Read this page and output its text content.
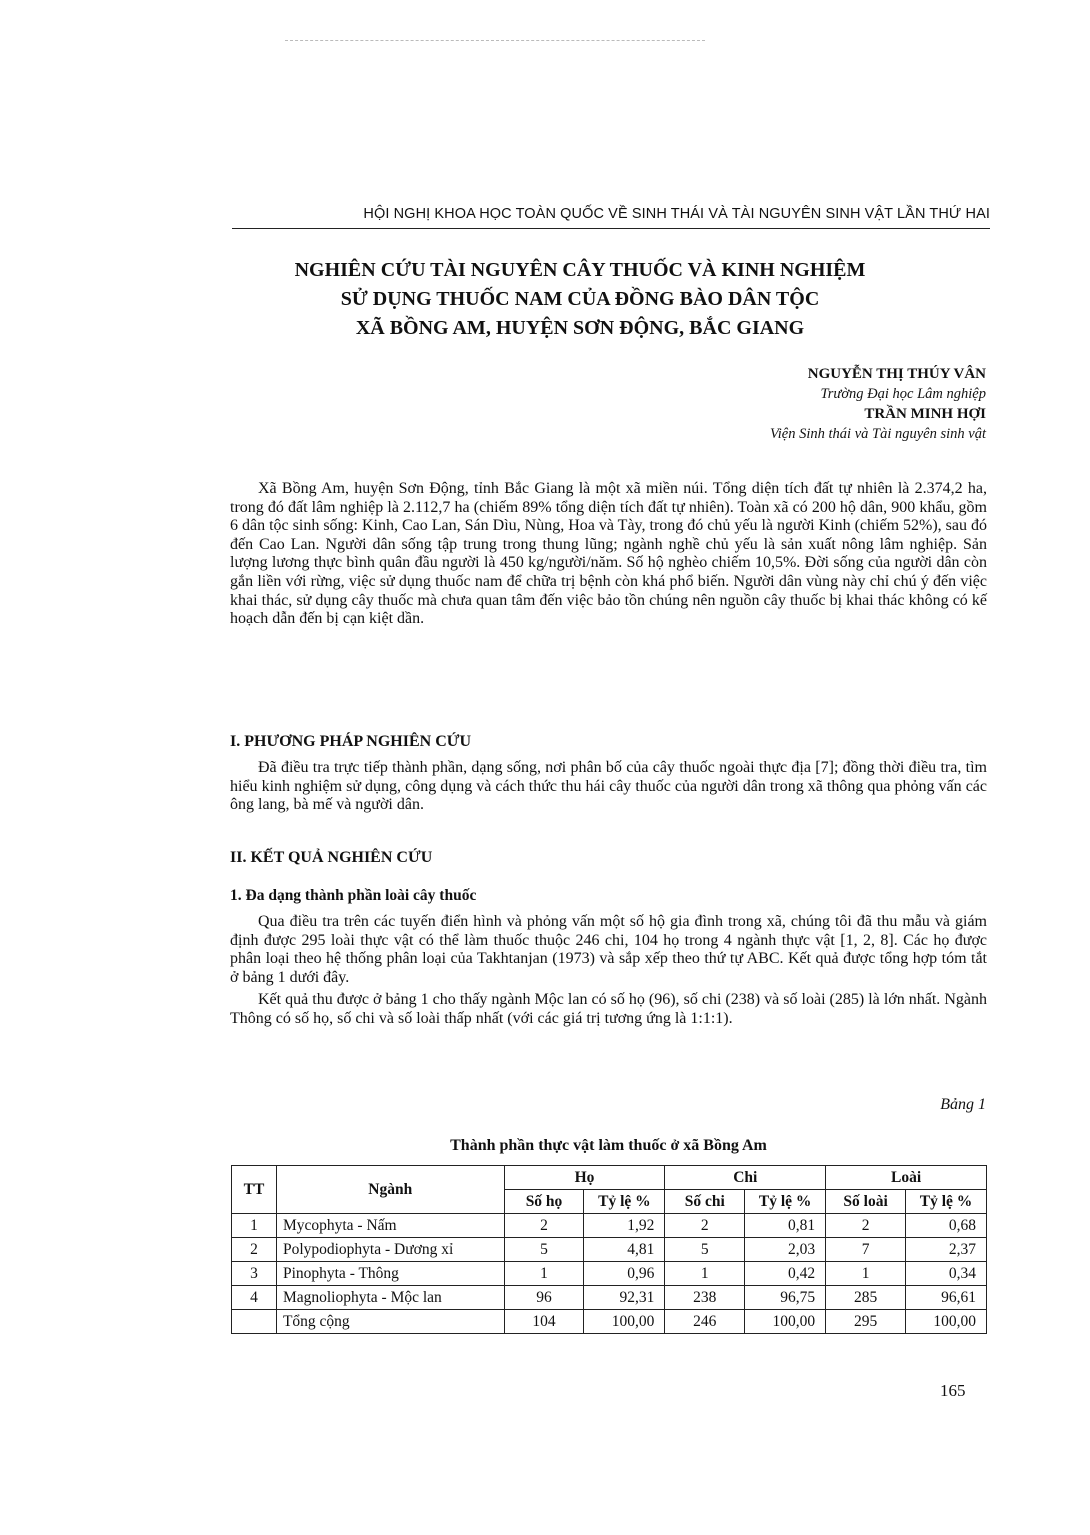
HỘI NGHỊ KHOA HỌC TOÀN QUỐC VỀ SINH THÁI VÀ TÀI NGUYÊN SINH VẬT LẦN THỨ HAI
NGHIÊN CỨU TÀI NGUYÊN CÂY THUỐC VÀ KINH NGHIỆM
SỬ DỤNG THUỐC NAM CỦA ĐỒNG BÀO DÂN TỘC
XÃ BỒNG AM, HUYỆN SƠN ĐỘNG, BẮC GIANG
NGUYỄN THỊ THÚY VÂN
Trường Đại học Lâm nghiệp
TRẦN MINH HỢI
Viện Sinh thái và Tài nguyên sinh vật
Xã Bồng Am, huyện Sơn Động, tỉnh Bắc Giang là một xã miền núi. Tổng diện tích đất tự nhiên là 2.374,2 ha, trong đó đất lâm nghiệp là 2.112,7 ha (chiếm 89% tổng diện tích đất tự nhiên). Toàn xã có 200 hộ dân, 900 khẩu, gồm 6 dân tộc sinh sống: Kinh, Cao Lan, Sán Dìu, Nùng, Hoa và Tày, trong đó chủ yếu là người Kinh (chiếm 52%), sau đó đến Cao Lan. Người dân sống tập trung trong thung lũng; ngành nghề chủ yếu là sản xuất nông lâm nghiệp. Sản lượng lương thực bình quân đầu người là 450 kg/người/năm. Số hộ nghèo chiếm 10,5%. Đời sống của người dân còn gắn liền với rừng, việc sử dụng thuốc nam để chữa trị bệnh còn khá phổ biến. Người dân vùng này chỉ chú ý đến việc khai thác, sử dụng cây thuốc mà chưa quan tâm đến việc bảo tồn chúng nên nguồn cây thuốc bị khai thác không có kế hoạch dẫn đến bị cạn kiệt dần.
I. PHƯƠNG PHÁP NGHIÊN CỨU
Đã điều tra trực tiếp thành phần, dạng sống, nơi phân bố của cây thuốc ngoài thực địa [7]; đồng thời điều tra, tìm hiểu kinh nghiệm sử dụng, công dụng và cách thức thu hái cây thuốc của người dân trong xã thông qua phỏng vấn các ông lang, bà mế và người dân.
II. KẾT QUẢ NGHIÊN CỨU
1. Đa dạng thành phần loài cây thuốc
Qua điều tra trên các tuyến điển hình và phỏng vấn một số hộ gia đình trong xã, chúng tôi đã thu mẫu và giám định được 295 loài thực vật có thể làm thuốc thuộc 246 chi, 104 họ trong 4 ngành thực vật [1, 2, 8]. Các họ được phân loại theo hệ thống phân loại của Takhtanjan (1973) và sắp xếp theo thứ tự ABC. Kết quả được tổng hợp tóm tắt ở bảng 1 dưới đây.
Kết quả thu được ở bảng 1 cho thấy ngành Mộc lan có số họ (96), số chi (238) và số loài (285) là lớn nhất. Ngành Thông có số họ, số chi và số loài thấp nhất (với các giá trị tương ứng là 1:1:1).
Bảng 1
Thành phần thực vật làm thuốc ở xã Bồng Am
TT	Ngành	Họ		Chi		Loài	
		Số họ	Tỷ lệ %	Số chi	Tỷ lệ %	Số loài	Tỷ lệ %
1	Mycophyta - Nấm	2	1,92	2	0,81	2	0,68
2	Polypodiophyta - Dương xỉ	5	4,81	5	2,03	7	2,37
3	Pinophyta - Thông	1	0,96	1	0,42	1	0,34
4	Magnoliophyta - Mộc lan	96	92,31	238	96,75	285	96,61
	Tổng cộng	104	100,00	246	100,00	295	100,00
165
